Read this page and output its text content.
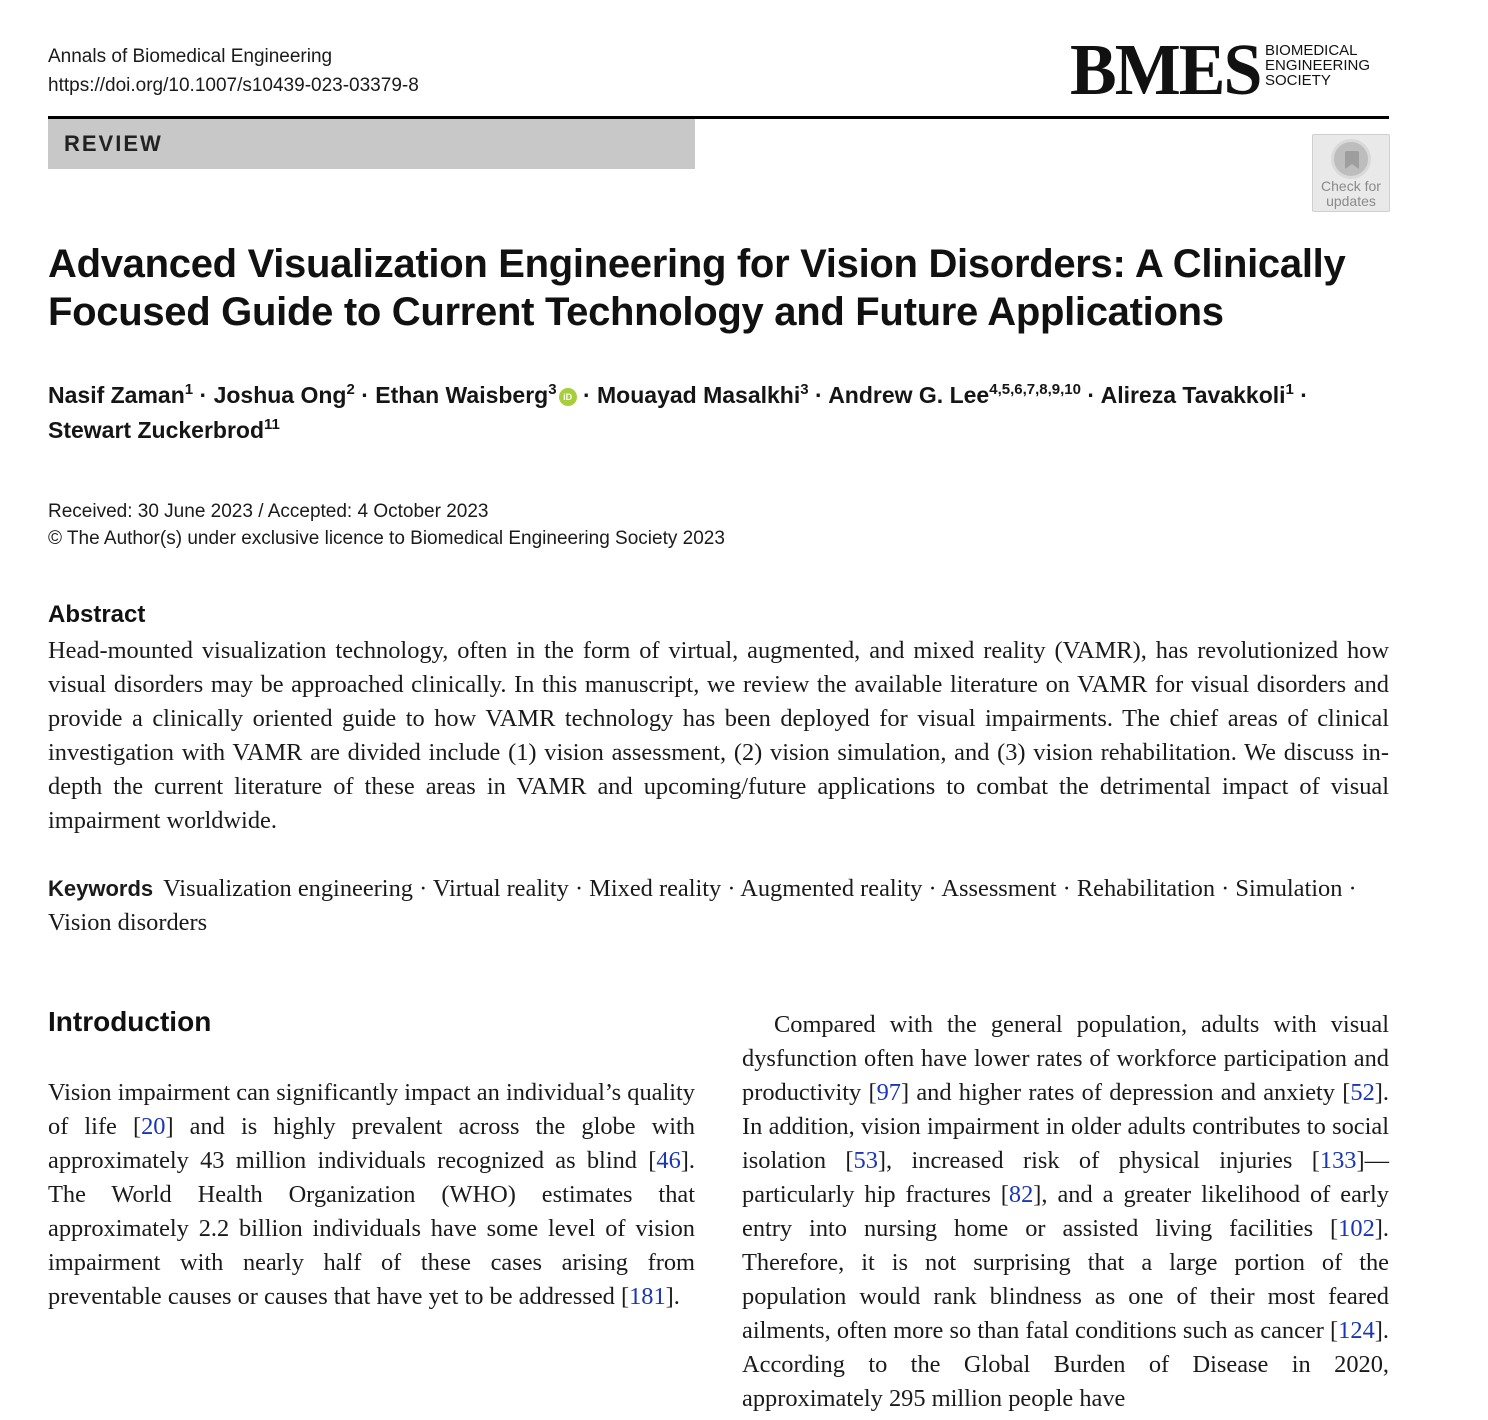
Annals of Biomedical Engineering
https://doi.org/10.1007/s10439-023-03379-8	BMES BIOMEDICAL
ENGINEERING
SOCIETY
REVIEW
Check for
updates
Advanced Visualization Engineering for Vision Disorders: A Clinically
Focused Guide to Current Technology and Future Applications
Nasif Zaman$^1$ · Joshua Ong$^2$ · Ethan Waisberg$^3$ iD · Mouayad Masalkhi$^3$ · Andrew G. Lee$^{4,5,6,7,8,9,10}$ · Alireza Tavakkoli$^1$ ·
Stewart Zuckerbrod$^{11}$
Received: 30 June 2023 / Accepted: 4 October 2023
© The Author(s) under exclusive licence to Biomedical Engineering Society 2023
Abstract
Head-mounted visualization technology, often in the form of virtual, augmented, and mixed reality (VAMR), has revolutionized how visual disorders may be approached clinically. In this manuscript, we review the available literature on VAMR for visual disorders and provide a clinically oriented guide to how VAMR technology has been deployed for visual impairments. The chief areas of clinical investigation with VAMR are divided include (1) vision assessment, (2) vision simulation, and (3) vision rehabilitation. We discuss in-depth the current literature of these areas in VAMR and upcoming/future applications to combat the detrimental impact of visual impairment worldwide.
Keywords Visualization engineering · Virtual reality · Mixed reality · Augmented reality · Assessment · Rehabilitation · Simulation · Vision disorders
Introduction
Vision impairment can significantly impact an individual’s quality of life [20] and is highly prevalent across the globe with approximately 43 million individuals recognized as blind [46]. The World Health Organization (WHO) estimates that approximately 2.2 billion individuals have some level of vision impairment with nearly half of these cases arising from preventable causes or causes that have yet to be addressed [181].
Compared with the general population, adults with visual dysfunction often have lower rates of workforce participation and productivity [97] and higher rates of depression and anxiety [52]. In addition, vision impairment in older adults contributes to social isolation [53], increased risk of physical injuries [133]—particularly hip fractures [82], and a greater likelihood of early entry into nursing home or assisted living facilities [102]. Therefore, it is not surprising that a large portion of the population would rank blindness as one of their most feared ailments, often more so than fatal conditions such as cancer [124]. According to the Global Burden of Disease in 2020, approximately 295 million people have
